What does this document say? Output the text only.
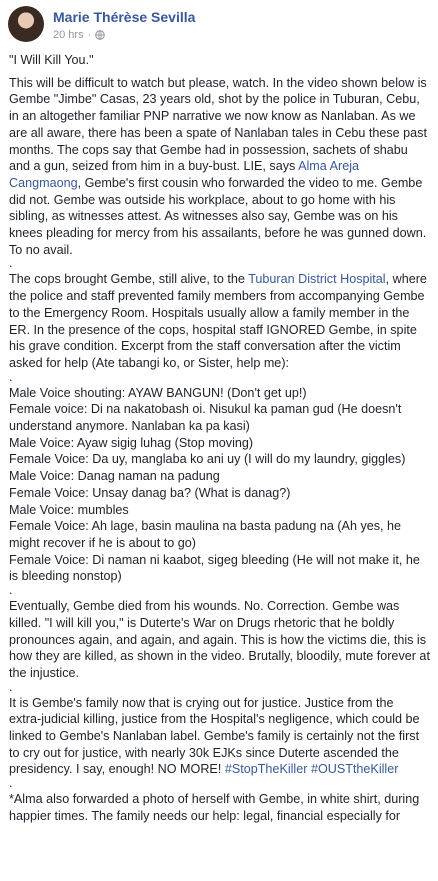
Marie Thérèse Sevilla
20 hrs ·

"I Will Kill You."

This will be difficult to watch but please, watch. In the video shown below is

Gembe "Jimbe" Casas, 23 years old, shot by the police in Tuburan, Cebu,

in an altogether familiar PNP narrative we now know as Nanlaban. As we

are all aware, there has been a spate of Nanlaban tales in Cebu these past

months. The cops say that Gembe had in possession, sachets of shabu

and a gun, seized from him in a buy-bust. LIE, says Alma Areja

Cangmaong, Gembe's first cousin who forwarded the video to me. Gembe

did not. Gembe was outside his workplace, about to go home with his

sibling, as witnesses attest. As witnesses also say, Gembe was on his

knees pleading for mercy from his assailants, before he was gunned down.

To no avail.

.

The cops brought Gembe, still alive, to the Tuburan District Hospital, where

the police and staff prevented family members from accompanying Gembe

to the Emergency Room. Hospitals usually allow a family member in the

ER. In the presence of the cops, hospital staff IGNORED Gembe, in spite

his grave condition. Excerpt from the staff conversation after the victim

asked for help (Ate tabangi ko, or Sister, help me):

.

Male Voice shouting: AYAW BANGUN! (Don't get up!)

Female voice: Di na nakatobash oi. Nisukul ka paman gud (He doesn't

understand anymore. Nanlaban ka pa kasi)

Male Voice: Ayaw sigig luhag (Stop moving)

Female Voice: Da uy, manglaba ko ani uy (I will do my laundry, giggles)

Male Voice: Danag naman na padung

Female Voice: Unsay danag ba? (What is danag?)

Male Voice: mumbles

Female Voice: Ah lage, basin maulina na basta padung na (Ah yes, he

might recover if he is about to go)

Female Voice: Di naman ni kaabot, sigeg bleeding (He will not make it, he

is bleeding nonstop)

.

Eventually, Gembe died from his wounds. No. Correction. Gembe was

killed. "I will kill you," is Duterte's War on Drugs rhetoric that he boldly

pronounces again, and again, and again. This is how the victims die, this is

how they are killed, as shown in the video. Brutally, bloodily, mute forever at

the injustice.

.

It is Gembe's family now that is crying out for justice. Justice from the

extra-judicial killing, justice from the Hospital's negligence, which could be

linked to Gembe's Nanlaban label. Gembe's family is certainly not the first

to cry out for justice, with nearly 30k EJKs since Duterte ascended the

presidency. I say, enough! NO MORE! #StopTheKiller #OUSTtheKiller

.

*Alma also forwarded a photo of herself with Gembe, in white shirt, during

happier times. The family needs our help: legal, financial especially for
